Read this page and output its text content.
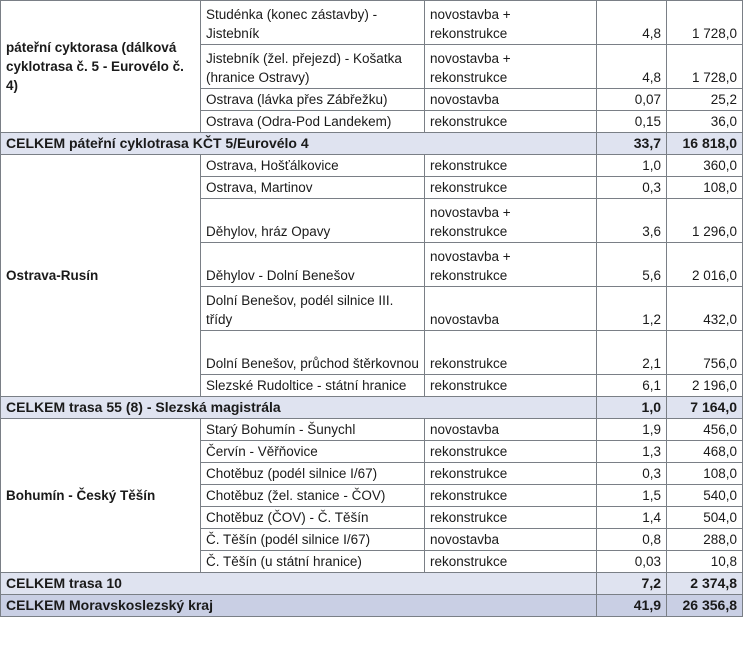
páteřní cyktorasa (dálková cyklotrasa č. 5 - Eurovélo č. 4)	Studénka (konec zástavby) - Jistebník	novostavba + rekonstrukce	4,8	1 728,0
	Jistebník (žel. přejezd) - Košatka (hranice Ostravy)	novostavba + rekonstrukce	4,8	1 728,0
	Ostrava (lávka přes Zábřežku)	novostavba	0,07	25,2
	Ostrava (Odra-Pod Landekem)	rekonstrukce	0,15	36,0
CELKEM páteřní cyklotrasa KČT 5/Eurovélo 4			33,7	16 818,0
Ostrava-Rusín	Ostrava, Hošťálkovice	rekonstrukce	1,0	360,0
	Ostrava, Martinov	rekonstrukce	0,3	108,0
	Děhylov, hráz Opavy	novostavba + rekonstrukce	3,6	1 296,0
	Děhylov - Dolní Benešov	novostavba + rekonstrukce	5,6	2 016,0
	Dolní Benešov, podél silnice III. třídy	novostavba	1,2	432,0
	Dolní Benešov, průchod štěrkovnou	rekonstrukce	2,1	756,0
	Slezské Rudoltice - státní hranice	rekonstrukce	6,1	2 196,0
CELKEM trasa 55 (8) - Slezská magistrála			1,0	7 164,0
Bohumín - Český Těšín	Starý Bohumín - Šunychl	novostavba	1,9	456,0
	Červín - Věřňovice	rekonstrukce	1,3	468,0
	Chotěbuz (podél silnice I/67)	rekonstrukce	0,3	108,0
	Chotěbuz (žel. stanice - ČOV)	rekonstrukce	1,5	540,0
	Chotěbuz (ČOV) - Č. Těšín	rekonstrukce	1,4	504,0
	Č. Těšín (podél silnice I/67)	novostavba	0,8	288,0
	Č. Těšín (u státní hranice)	rekonstrukce	0,03	10,8
CELKEM trasa 10			7,2	2 374,8
CELKEM Moravskoslezský kraj			41,9	26 356,8
